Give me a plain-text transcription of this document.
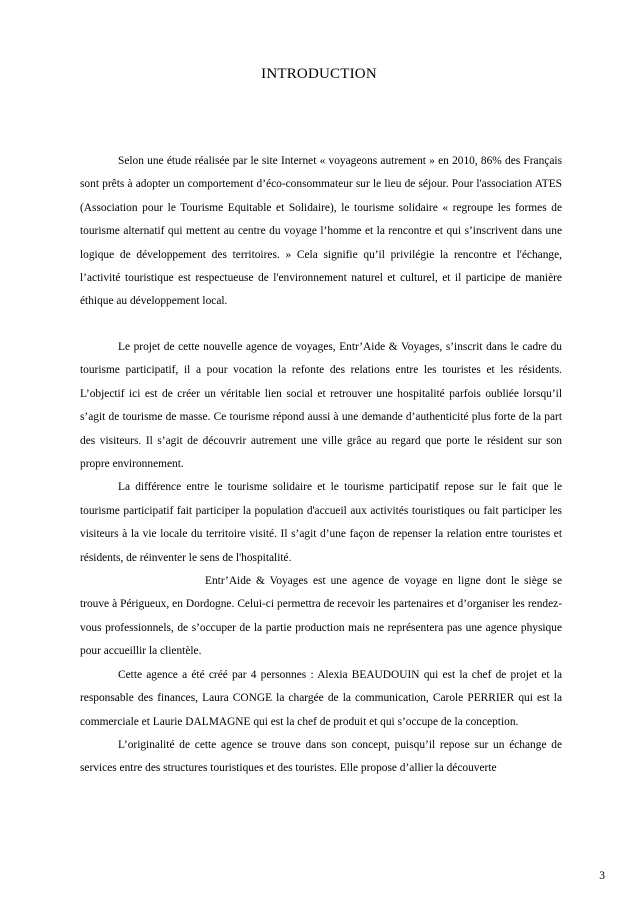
INTRODUCTION

Selon une étude réalisée par le site Internet « voyageons autrement » en 2010, 86% des Français sont prêts à adopter un comportement d’éco-consommateur sur le lieu de séjour. Pour l'association ATES (Association pour le Tourisme Equitable et Solidaire), le tourisme solidaire « regroupe les formes de tourisme alternatif qui mettent au centre du voyage l’homme et la rencontre et qui s’inscrivent dans une logique de développement des territoires. » Cela signifie qu’il privilégie la rencontre et l'échange, l’activité touristique est respectueuse de l'environnement naturel et culturel, et il participe de manière éthique au développement local.

Le projet de cette nouvelle agence de voyages, Entr’Aide & Voyages, s’inscrit dans le cadre du tourisme participatif, il a pour vocation la refonte des relations entre les touristes et les résidents. L’objectif ici est de créer un véritable lien social et retrouver une hospitalité parfois oubliée lorsqu’il s’agit de tourisme de masse. Ce tourisme répond aussi à une demande d’authenticité plus forte de la part des visiteurs. Il s’agit de découvrir autrement une ville grâce au regard que porte le résident sur son propre environnement.

La différence entre le tourisme solidaire et le tourisme participatif repose sur le fait que le tourisme participatif fait participer la population d'accueil aux activités touristiques ou fait participer les visiteurs à la vie locale du territoire visité. Il s’agit d’une façon de repenser la relation entre touristes et résidents, de réinventer le sens de l'hospitalité.

Entr’Aide & Voyages est une agence de voyage en ligne dont le siège se trouve à Périgueux, en Dordogne. Celui-ci permettra de recevoir les partenaires et d’organiser les rendez-vous professionnels, de s’occuper de la partie production mais ne représentera pas une agence physique pour accueillir la clientèle.

Cette agence a été créé par 4 personnes : Alexia BEAUDOUIN qui est la chef de projet et la responsable des finances, Laura CONGE la chargée de la communication, Carole PERRIER qui est la commerciale et Laurie DALMAGNE qui est la chef de produit et qui s’occupe de la conception.

L’originalité de cette agence se trouve dans son concept, puisqu’il repose sur un échange de services entre des structures touristiques et des touristes. Elle propose d’allier la découverte

3
